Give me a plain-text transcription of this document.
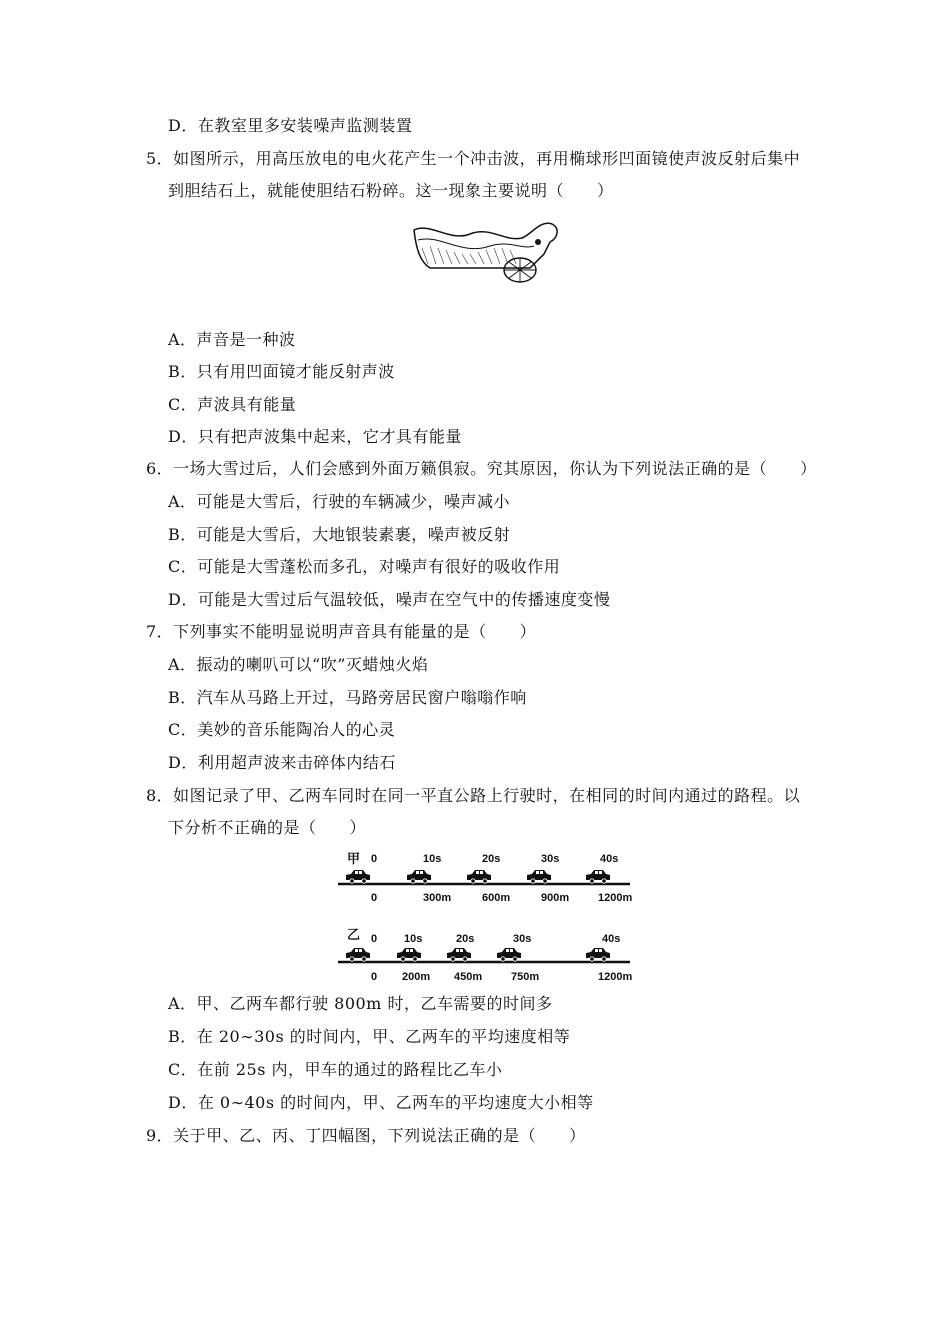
D．在教室里多安装噪声监测装置
5．如图所示，用高压放电的电火花产生一个冲击波，再用椭球形凹面镜使声波反射后集中
到胆结石上，就能使胆结石粉碎。这一现象主要说明（　　）
A．声音是一种波
B．只有用凹面镜才能反射声波
C．声波具有能量
D．只有把声波集中起来，它才具有能量
6．一场大雪过后，人们会感到外面万籁俱寂。究其原因，你认为下列说法正确的是（　　）
A．可能是大雪后，行驶的车辆减少，噪声减小
B．可能是大雪后，大地银装素裹，噪声被反射
C．可能是大雪蓬松而多孔，对噪声有很好的吸收作用
D．可能是大雪过后气温较低，噪声在空气中的传播速度变慢
7．下列事实不能明显说明声音具有能量的是（　　）
A．振动的喇叭可以“吹”灭蜡烛火焰
B．汽车从马路上开过，马路旁居民窗户嗡嗡作响
C．美妙的音乐能陶冶人的心灵
D．利用超声波来击碎体内结石
8．如图记录了甲、乙两车同时在同一平直公路上行驶时，在相同的时间内通过的路程。以
下分析不正确的是（　　）
甲 0	10s	20s	30s	40s
0	300m	600m	900m	1200m
乙 0 10s	20s	30s	40s
0 200m 450m	750m	1200m
A．甲、乙两车都行驶 800m 时，乙车需要的时间多
B．在 20∼30s 的时间内，甲、乙两车的平均速度相等
C．在前 25s 内，甲车的通过的路程比乙车小
D．在 0∼40s 的时间内，甲、乙两车的平均速度大小相等
9．关于甲、乙、丙、丁四幅图，下列说法正确的是（　　）
